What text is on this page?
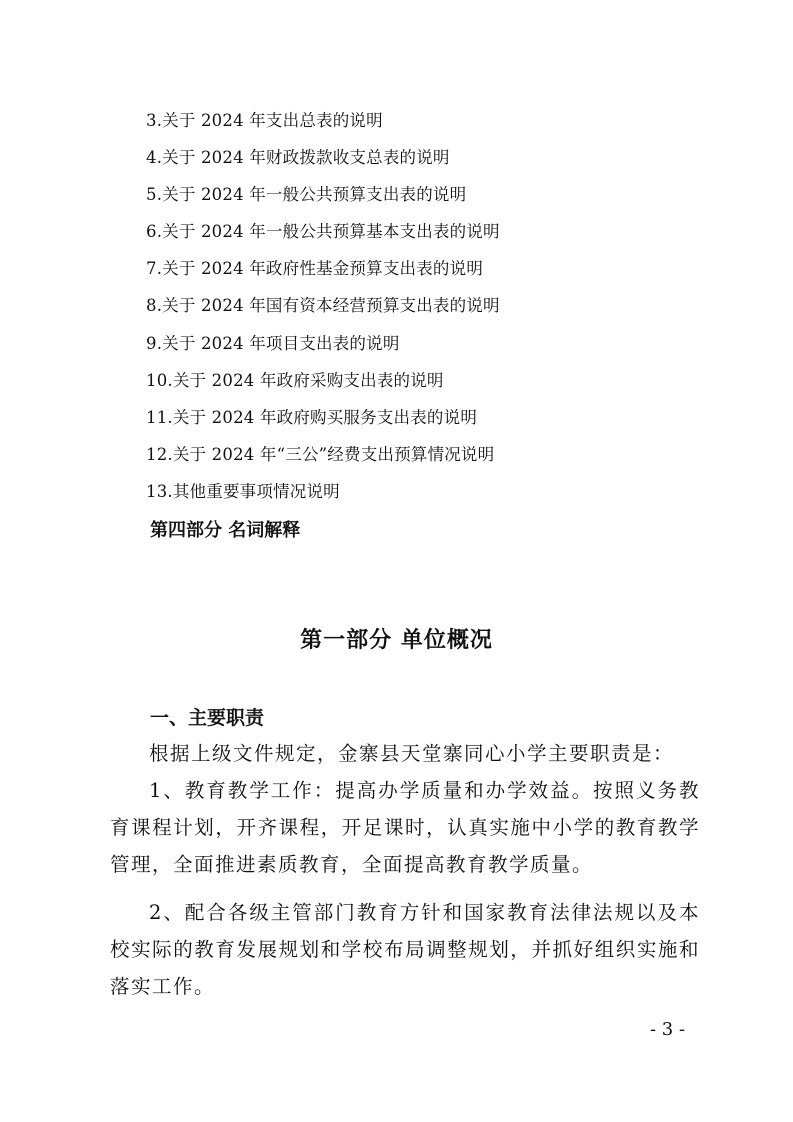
3.关于 2024 年支出总表的说明
4.关于 2024 年财政拨款收支总表的说明
5.关于 2024 年一般公共预算支出表的说明
6.关于 2024 年一般公共预算基本支出表的说明
7.关于 2024 年政府性基金预算支出表的说明
8.关于 2024 年国有资本经营预算支出表的说明
9.关于 2024 年项目支出表的说明
10.关于 2024 年政府采购支出表的说明
11.关于 2024 年政府购买服务支出表的说明
12.关于 2024 年“三公”经费支出预算情况说明
13.其他重要事项情况说明
第四部分 名词解释
第一部分 单位概况
一、主要职责
根据上级文件规定，金寨县天堂寨同心小学主要职责是：
1、教育教学工作：提高办学质量和办学效益。按照义务教育课程计划，开齐课程，开足课时，认真实施中小学的教育教学管理，全面推进素质教育，全面提高教育教学质量。
2、配合各级主管部门教育方针和国家教育法律法规以及本校实际的教育发展规划和学校布局调整规划，并抓好组织实施和落实工作。
- 3 -
